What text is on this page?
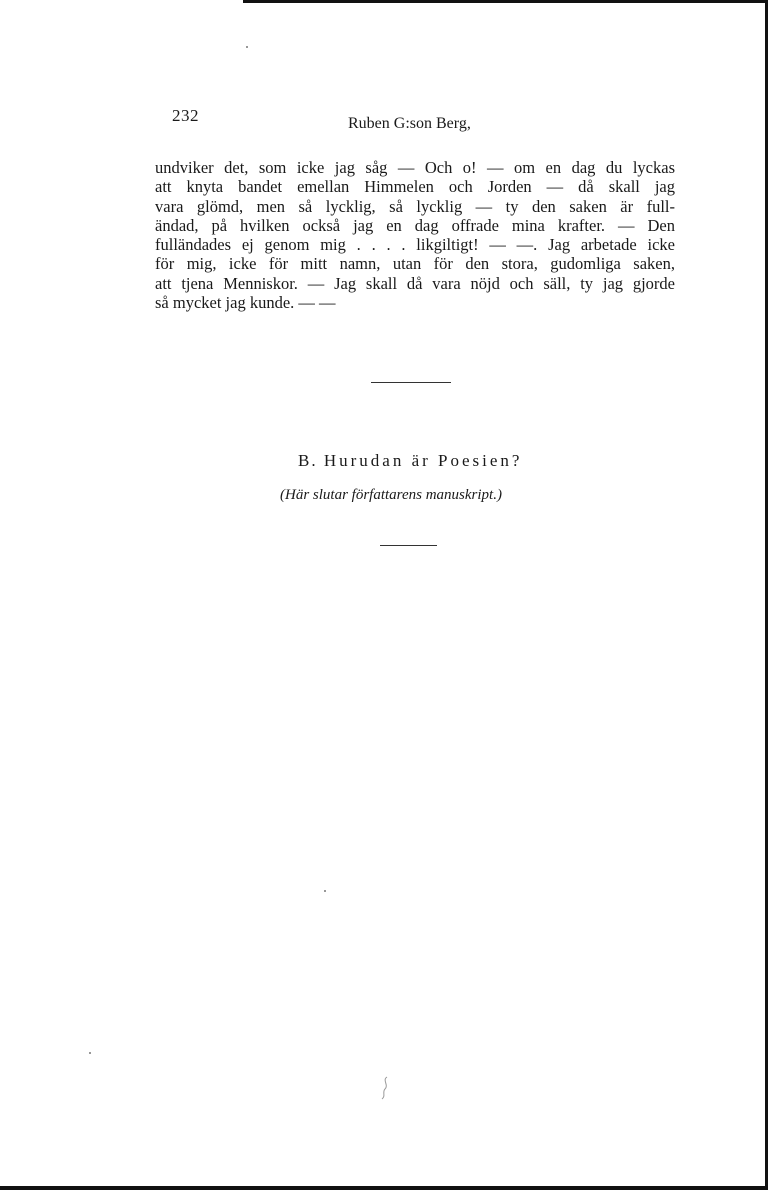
232	Ruben G:son Berg,
undviker det, som icke jag såg — Och o! — om en dag du lyckas
att knyta bandet emellan Himmelen och Jorden — då skall jag
vara glömd, men så lycklig, så lycklig — ty den saken är full-
ändad, på hvilken också jag en dag offrade mina krafter. — Den
fulländades ej genom mig . . . . likgiltigt! — —. Jag arbetade icke
för mig, icke för mitt namn, utan för den stora, gudomliga saken,
att tjena Menniskor. — Jag skall då vara nöjd och säll, ty jag gjorde
så mycket jag kunde. — —
B. Hurudan är Poesien?
(Här slutar författarens manuskript.)
